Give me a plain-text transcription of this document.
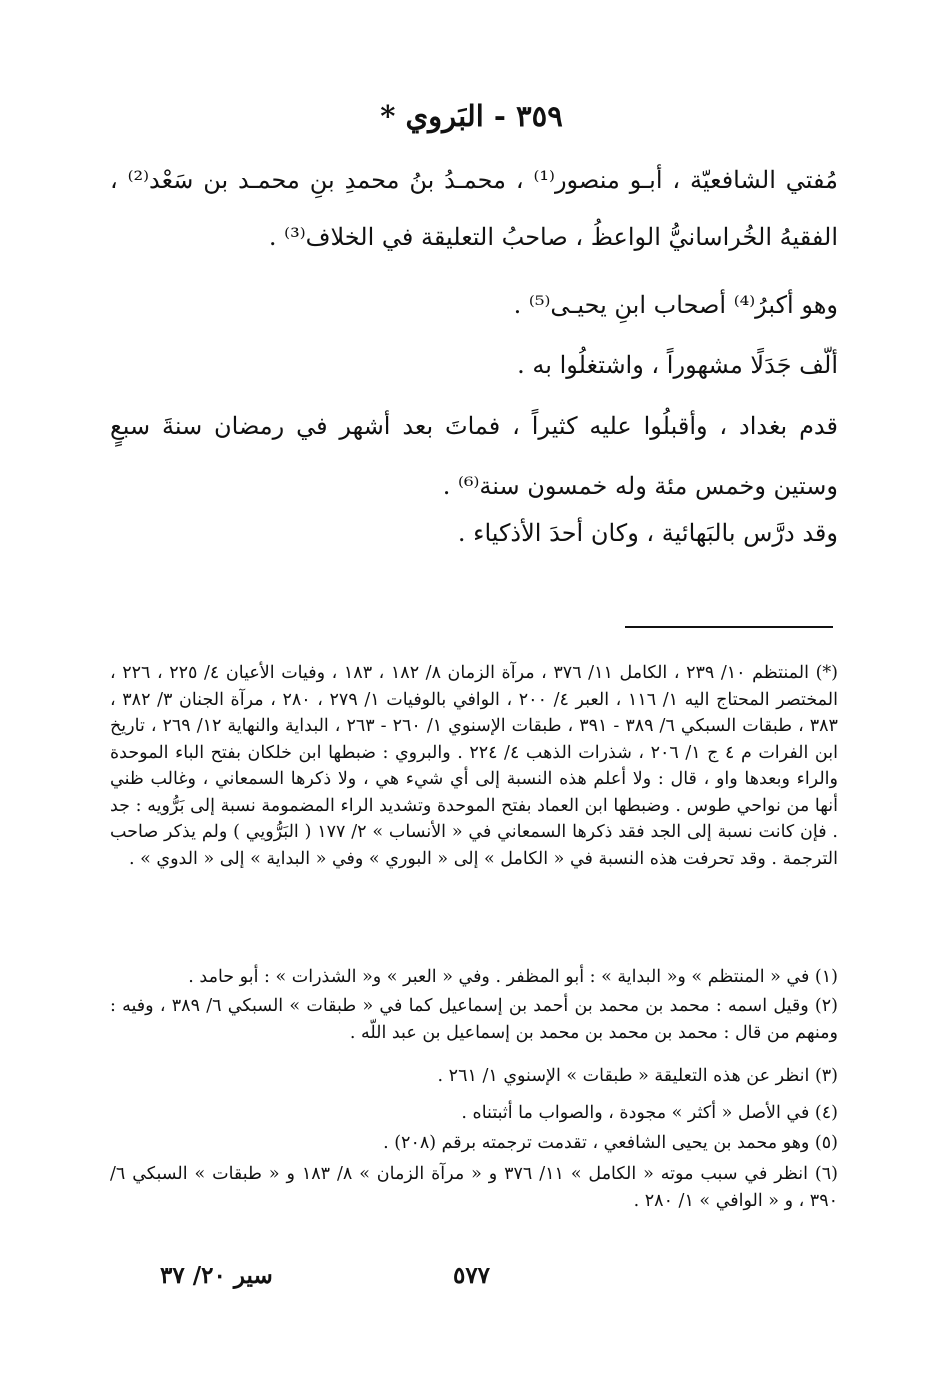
٣٥٩ - البَروي *
مُفتي الشافعيّة ، أبـو منصور⁽¹⁾ ، محمـدُ بنُ محمدِ بنِ محمـد بن سَعْد⁽²⁾ ، الفقيهُ الخُراسانيُّ الواعظُ ، صاحبُ التعليقة في الخلاف⁽³⁾ .
وهو أكبرُ⁽⁴⁾ أصحاب ابنِ يحيـى⁽⁵⁾ .
ألّف جَدَلًا مشهوراً ، واشتغلُوا به .
قدم بغداد ، وأقبلُوا عليه كثيراً ، فماتَ بعد أشهر في رمضان سنةَ سبعٍ وستين وخمس مئة وله خمسون سنة⁽⁶⁾ .
وقد درَّس بالبَهائية ، وكان أحدَ الأذكياء .
(*) المنتظم ١٠/ ٢٣٩ ، الكامل ١١/ ٣٧٦ ، مرآة الزمان ٨/ ١٨٢ ، ١٨٣ ، وفيات الأعيان ٤/ ٢٢٥ ، ٢٢٦ ، المختصر المحتاج اليه ١/ ١١٦ ، العبر ٤/ ٢٠٠ ، الوافي بالوفيات ١/ ٢٧٩ ، ٢٨٠ ، مرآة الجنان ٣/ ٣٨٢ ، ٣٨٣ ، طبقات السبكي ٦/ ٣٨٩ - ٣٩١ ، طبقات الإسنوي ١/ ٢٦٠ - ٢٦٣ ، البداية والنهاية ١٢/ ٢٦٩ ، تاريخ ابن الفرات م ٤ ج ١/ ٢٠٦ ، شذرات الذهب ٤/ ٢٢٤ . والبروي : ضبطها ابن خلكان بفتح الباء الموحدة والراء وبعدها واو ، قال : ولا أعلم هذه النسبة إلى أي شيء هي ، ولا ذكرها السمعاني ، وغالب ظني أنها من نواحي طوس . وضبطها ابن العماد بفتح الموحدة وتشديد الراء المضمومة نسبة إلى بَرُّويه : جد . فإن كانت نسبة إلى الجد فقد ذكرها السمعاني في « الأنساب » ٢/ ١٧٧ ( البَرُّويي ) ولم يذكر صاحب الترجمة . وقد تحرفت هذه النسبة في « الكامل » إلى « البوري » وفي « البداية » إلى « الدوي » .
(١) في « المنتظم » و« البداية » : أبو المظفر . وفي « العبر » و« الشذرات » : أبو حامد .
(٢) وقيل اسمه : محمد بن محمد بن أحمد بن إسماعيل كما في « طبقات » السبكي ٦/ ٣٨٩ ، وفيه : ومنهم من قال : محمد بن محمد بن محمد بن إسماعيل بن عبد اللّه .
(٣) انظر عن هذه التعليقة « طبقات » الإسنوي ١/ ٢٦١ .
(٤) في الأصل « أكثر » مجودة ، والصواب ما أثبتناه .
(٥) وهو محمد بن يحيى الشافعي ، تقدمت ترجمته برقم (٢٠٨) .
(٦) انظر في سبب موته « الكامل » ١١/ ٣٧٦ و « مرآة الزمان » ٨/ ١٨٣ و « طبقات » السبكي ٦/ ٣٩٠ ، و « الوافي » ١/ ٢٨٠ .
سير ٢٠/ ٣٧	٥٧٧
